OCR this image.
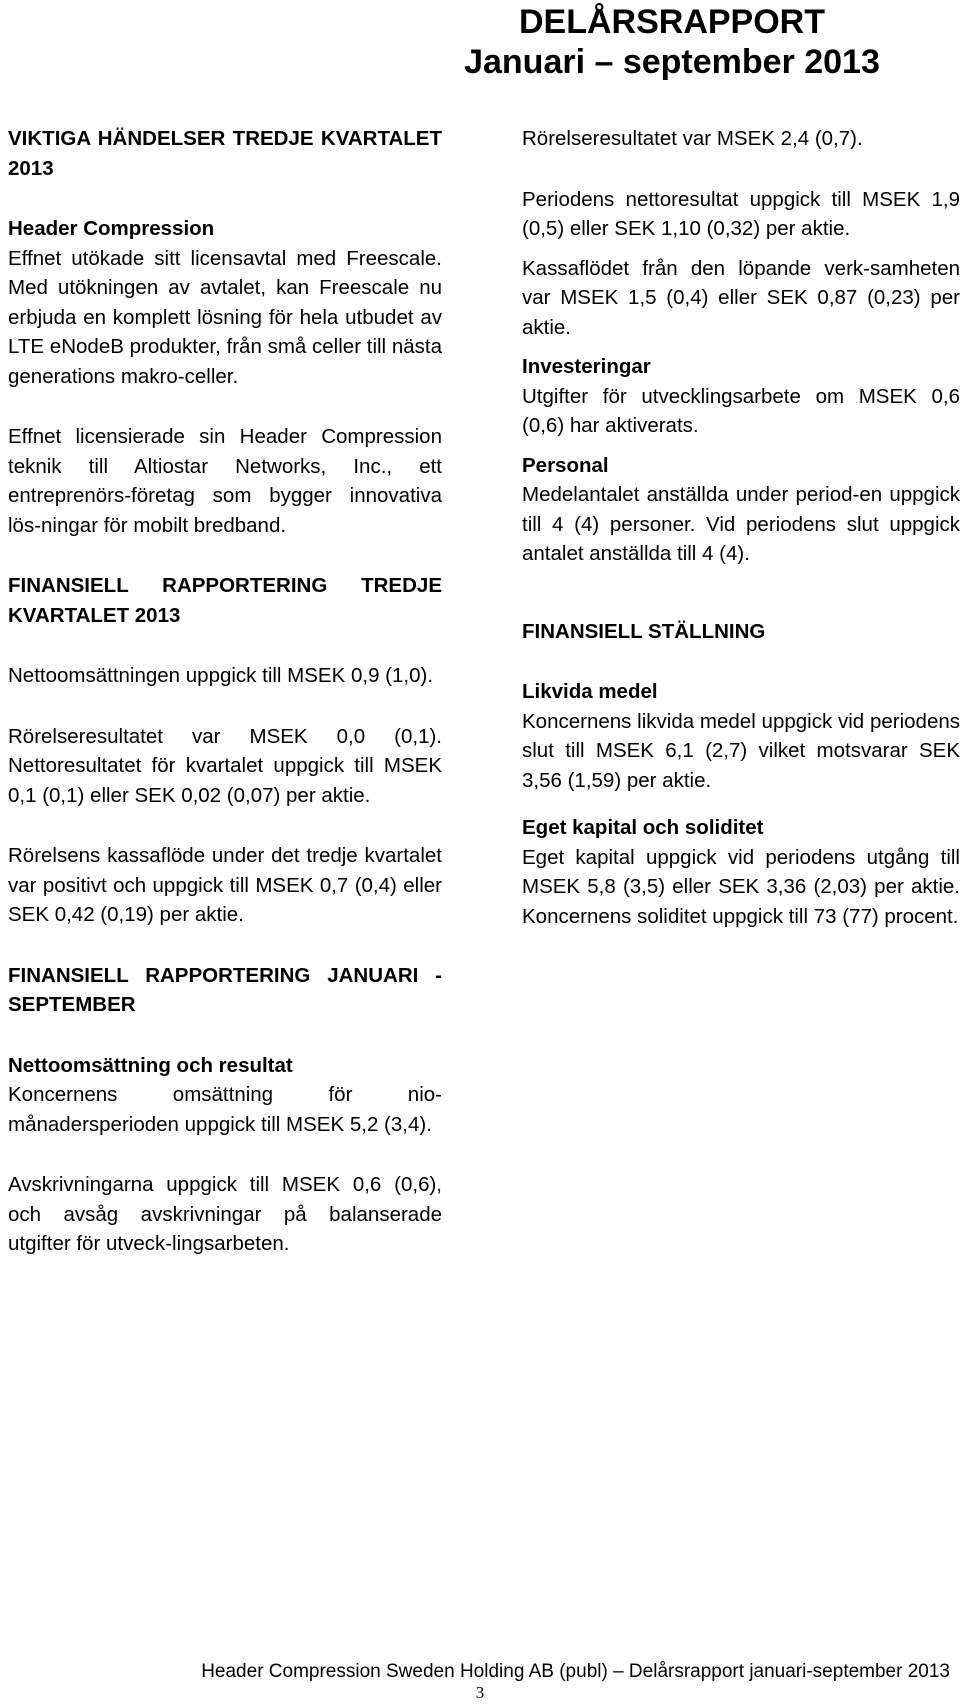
DELÅRSRAPPORT
Januari – september 2013

VIKTIGA HÄNDELSER TREDJE KVARTALET 2013

Header Compression

Effnet utökade sitt licensavtal med Freescale. Med utökningen av avtalet, kan Freescale nu erbjuda en komplett lösning för hela utbudet av LTE eNodeB produkter, från små celler till nästa generations makro-celler.

Effnet licensierade sin Header Compression teknik till Altiostar Networks, Inc., ett entreprenörs-företag som bygger innovativa lös-ningar för mobilt bredband.

FINANSIELL RAPPORTERING TREDJE KVARTALET 2013

Nettoomsättningen uppgick till MSEK 0,9 (1,0).

Rörelseresultatet var MSEK 0,0 (0,1). Nettoresultatet för kvartalet uppgick till MSEK 0,1 (0,1) eller SEK 0,02 (0,07) per aktie.

Rörelsens kassaflöde under det tredje kvartalet var positivt och uppgick till MSEK 0,7 (0,4) eller SEK 0,42 (0,19) per aktie.

FINANSIELL RAPPORTERING JANUARI - SEPTEMBER

Nettoomsättning och resultat

Koncernens omsättning för nio-månadersperioden uppgick till MSEK 5,2 (3,4).

Avskrivningarna uppgick till MSEK 0,6 (0,6), och avsåg avskrivningar på balanserade utgifter för utveck-lingsarbeten.

Rörelseresultatet var MSEK 2,4 (0,7).

Periodens nettoresultat uppgick till MSEK 1,9 (0,5) eller SEK 1,10 (0,32) per aktie.

Kassaflödet från den löpande verk-samheten var MSEK 1,5 (0,4) eller SEK 0,87 (0,23) per aktie.

Investeringar

Utgifter för utvecklingsarbete om MSEK 0,6 (0,6) har aktiverats.

Personal

Medelantalet anställda under period-en uppgick till 4 (4) personer. Vid periodens slut uppgick antalet anställda till 4 (4).

FINANSIELL STÄLLNING

Likvida medel

Koncernens likvida medel uppgick vid periodens slut till MSEK 6,1 (2,7) vilket motsvarar SEK 3,56 (1,59) per aktie.

Eget kapital och soliditet

Eget kapital uppgick vid periodens utgång till MSEK 5,8 (3,5) eller SEK 3,36 (2,03) per aktie. Koncernens soliditet uppgick till 73 (77) procent.

Header Compression Sweden Holding AB (publ) – Delårsrapport januari-september 2013
3
